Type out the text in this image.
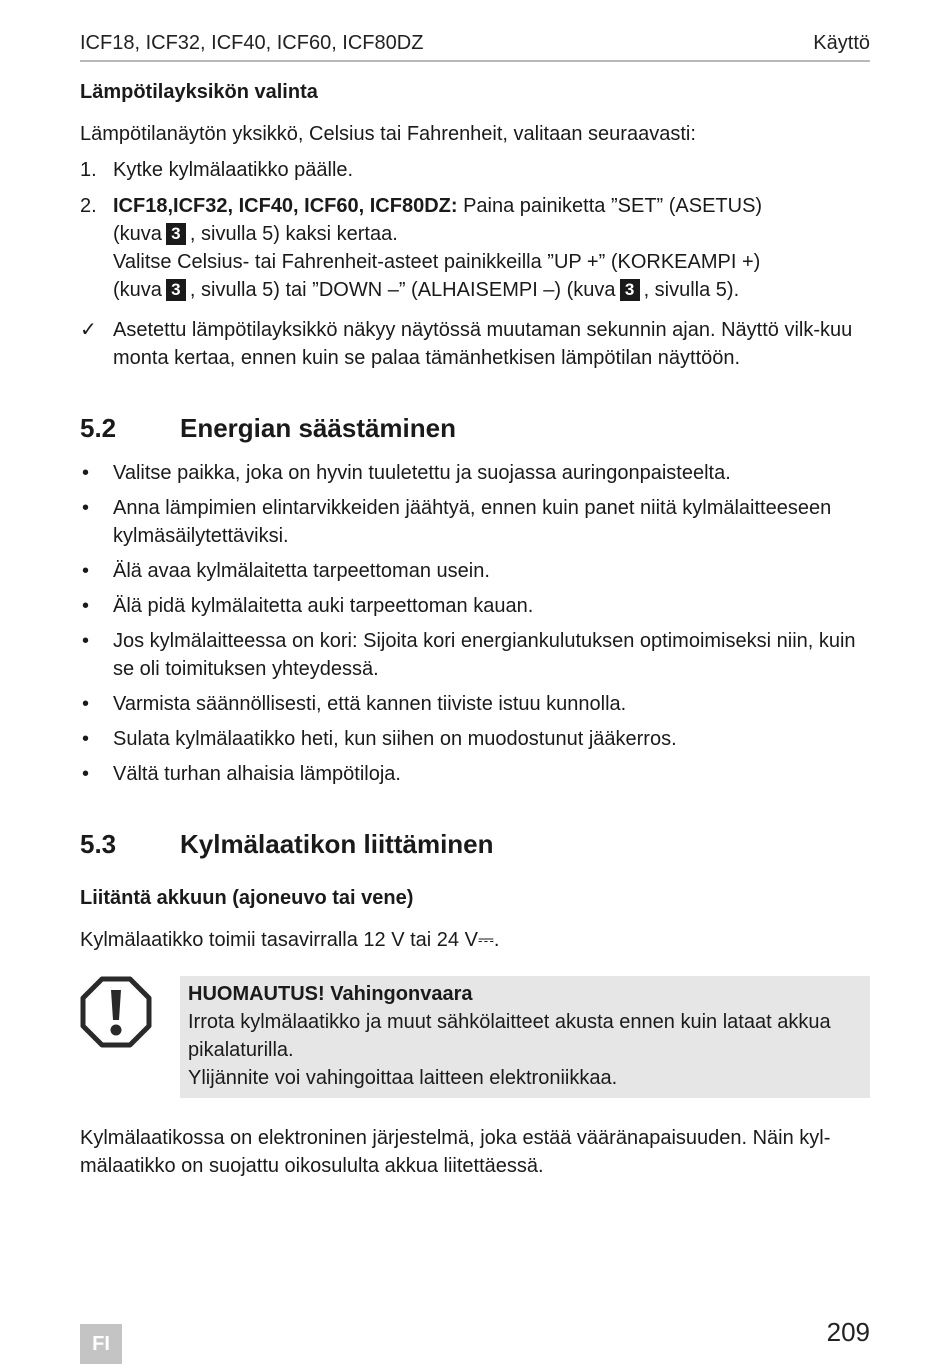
ICF18, ICF32, ICF40, ICF60, ICF80DZ	Käyttö
Lämpötilayksikön valinta

Lämpötilanäytön yksikkö, Celsius tai Fahrenheit, valitaan seuraavasti:

1. Kytke kylmälaatikko päälle.
2. ICF18,ICF32, ICF40, ICF60, ICF80DZ: Paina painiketta ”SET” (ASETUS)
(kuva 3 , sivulla 5) kaksi kertaa.
Valitse Celsius- tai Fahrenheit-asteet painikkeilla ”UP +” (KORKEAMPI +)
(kuva 3 , sivulla 5) tai ”DOWN –” (ALHAISEMPI –) (kuva 3 , sivulla 5).
✓ Asetettu lämpötilayksikkö näkyy näytössä muutaman sekunnin ajan. Näyttö vilk-kuu monta kertaa, ennen kuin se palaa tämänhetkisen lämpötilan näyttöön.
5.2	Energian säästäminen
• Valitse paikka, joka on hyvin tuuletettu ja suojassa auringonpaisteelta.
• Anna lämpimien elintarvikkeiden jäähtyä, ennen kuin panet niitä kylmälaitteeseen kylmäsäilytettäviksi.
• Älä avaa kylmälaitetta tarpeettoman usein.
• Älä pidä kylmälaitetta auki tarpeettoman kauan.
• Jos kylmälaitteessa on kori: Sijoita kori energiankulutuksen optimoimiseksi niin, kuin se oli toimituksen yhteydessä.
• Varmista säännöllisesti, että kannen tiiviste istuu kunnolla.
• Sulata kylmälaatikko heti, kun siihen on muodostunut jääkerros.
• Vältä turhan alhaisia lämpötiloja.
5.3	Kylmälaatikon liittäminen
Liitäntä akkuun (ajoneuvo tai vene)

Kylmälaatikko toimii tasavirralla 12 V tai 24 V⎓.

HUOMAUTUS! Vahingonvaara

Irrota kylmälaatikko ja muut sähkölaitteet akusta ennen kuin lataat akkua pikalaturilla.

Ylijännite voi vahingoittaa laitteen elektroniikkaa.

Kylmälaatikossa on elektroninen järjestelmä, joka estää vääränapaisuuden. Näin kyl-mälaatikko on suojattu oikosululta akkua liitettäessä.

FI	209
